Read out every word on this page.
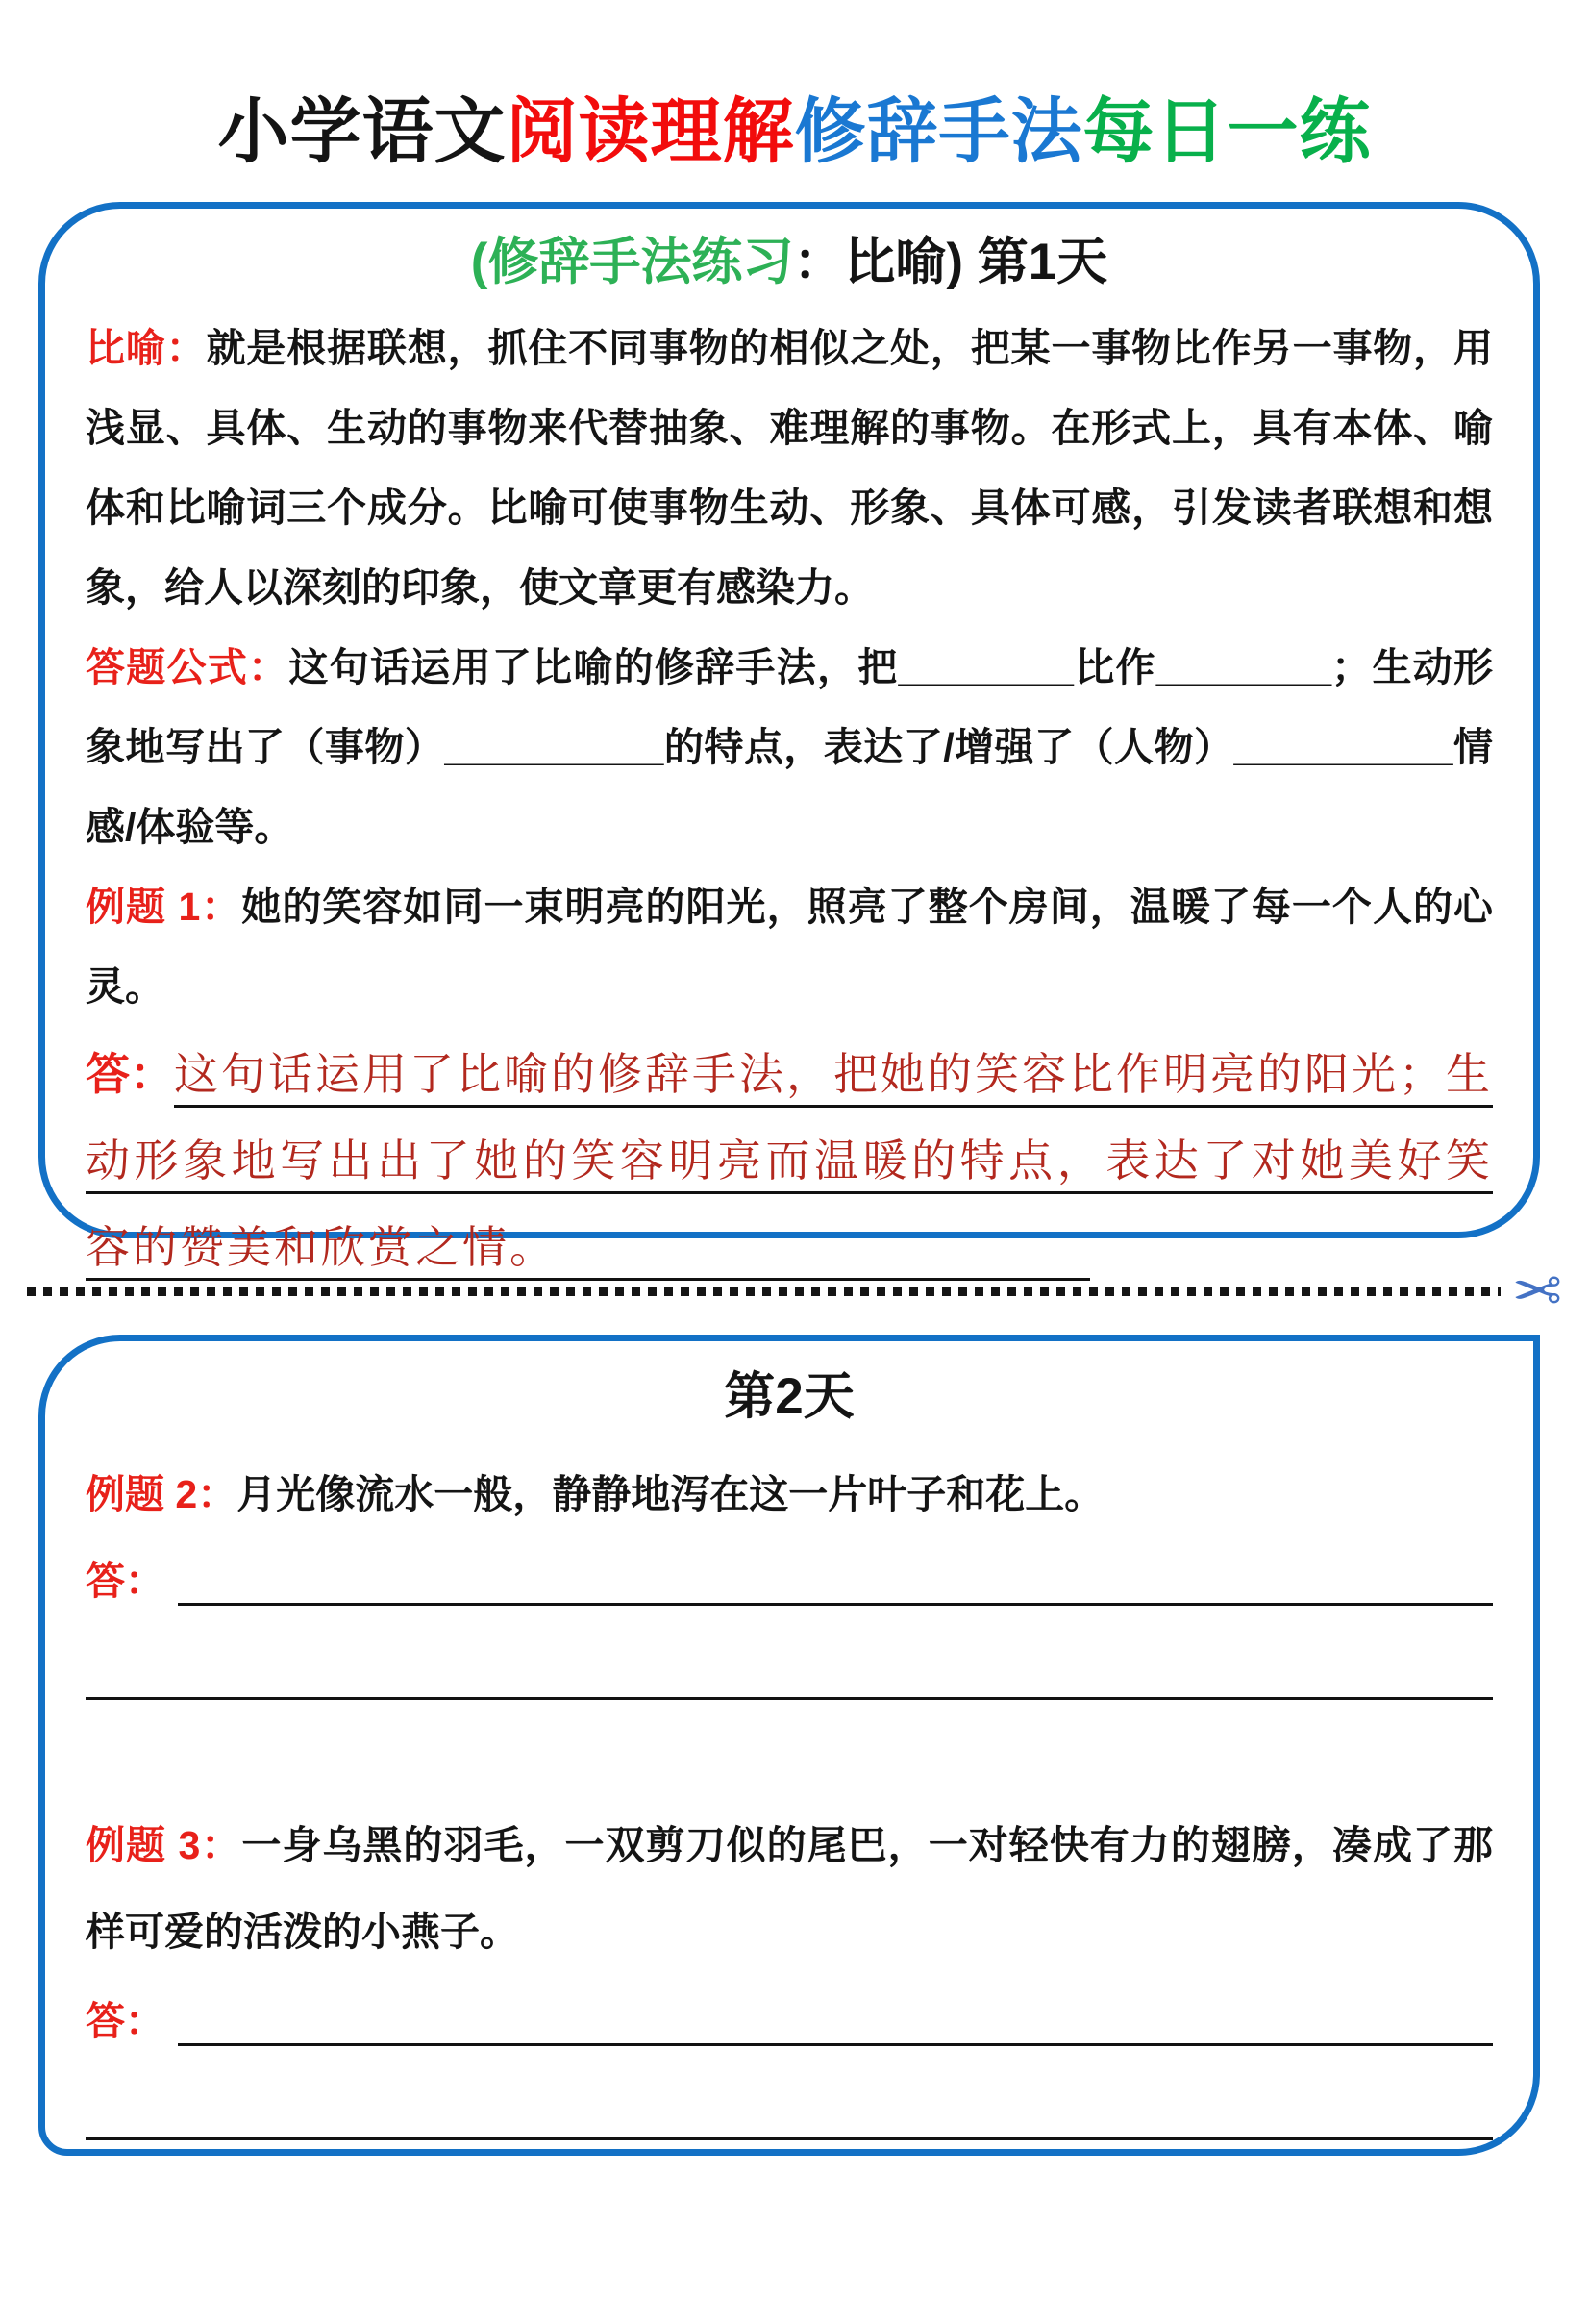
小学语文阅读理解修辞手法每日一练
(修辞手法练习：比喻) 第1天

比喻：就是根据联想，抓住不同事物的相似之处，把某一事物比作另一事物，用浅显、具体、生动的事物来代替抽象、难理解的事物。在形式上，具有本体、喻体和比喻词三个成分。比喻可使事物生动、形象、具体可感，引发读者联想和想象，给人以深刻的印象，使文章更有感染力。

答题公式：这句话运用了比喻的修辞手法，把________比作________；生动形象地写出了（事物）__________的特点，表达了/增强了（人物）__________情感/体验等。

例题 1：她的笑容如同一束明亮的阳光，照亮了整个房间，温暖了每一个人的心灵。

答：这句话运用了比喻的修辞手法，把她的笑容比作明亮的阳光；生动形象地写出出了她的笑容明亮而温暖的特点，表达了对她美好笑容的赞美和欣赏之情。

✂
第2天

例题 2：月光像流水一般，静静地泻在这一片叶子和花上。

答：

例题 3：一身乌黑的羽毛，一双剪刀似的尾巴，一对轻快有力的翅膀，凑成了那样可爱的活泼的小燕子。

答：
